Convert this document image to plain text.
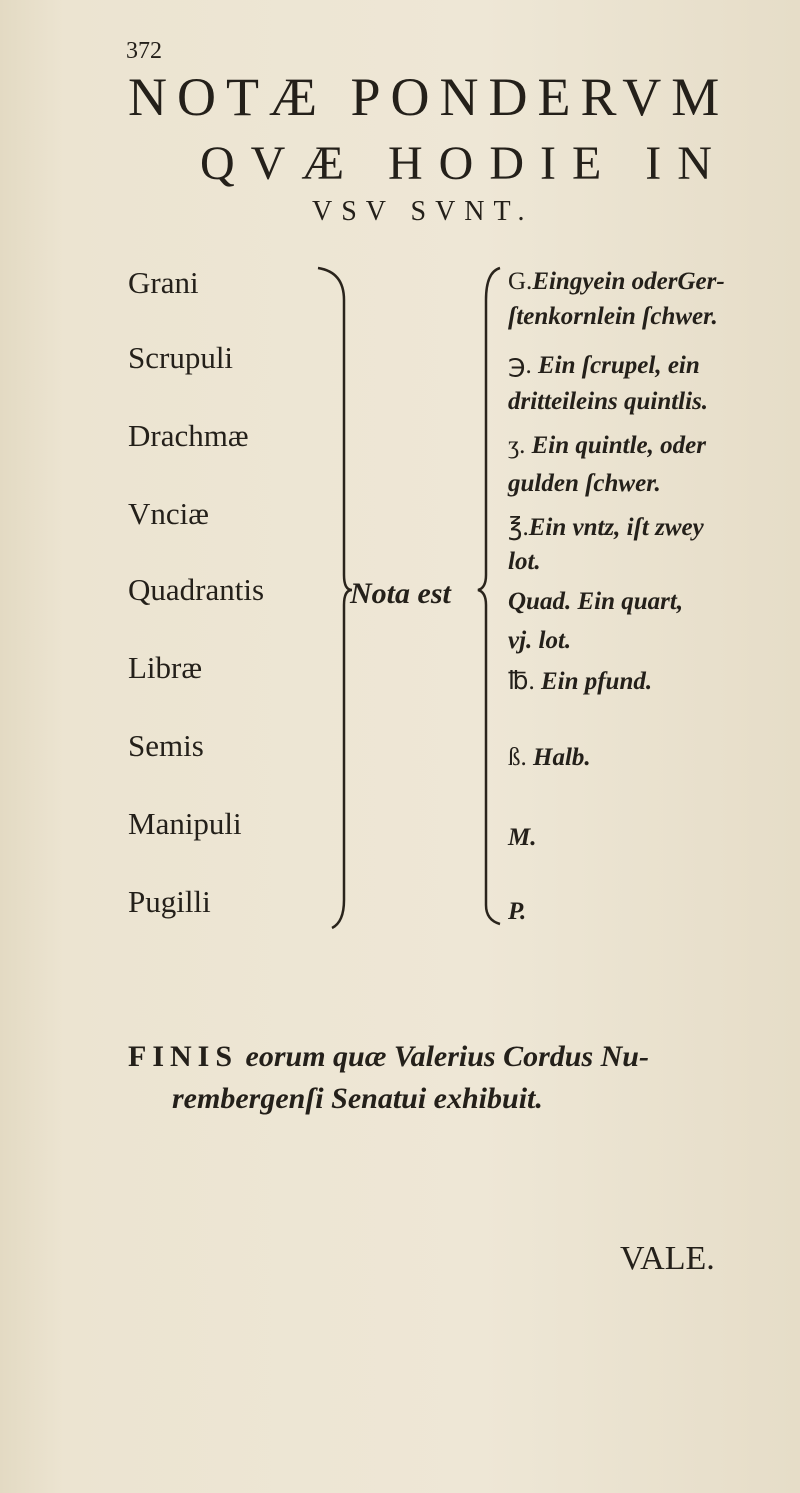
372
NOTÆ PONDERVM
QVÆ HODIE IN
VSV SVNT.
Grani
Scrupuli
Drachmæ
Vnciæ
Quadrantis
Libræ
Semis
Manipuli
Pugilli
Nota est
G.Eingyein oderGer-
ſtenkornlein ſchwer.
℈. Ein ſcrupel, ein
dritteileins quintlis.
ʒ. Ein quintle, oder
gulden ſchwer.
℥.Ein vntz, iſt zwey
lot.
Quad. Ein quart,
vj. lot.
℔. Ein pfund.
ß. Halb.
M.
P.
FINIS eorum quæ Valerius Cordus Nu-
rembergenſi Senatui exhibuit.
VALE.
